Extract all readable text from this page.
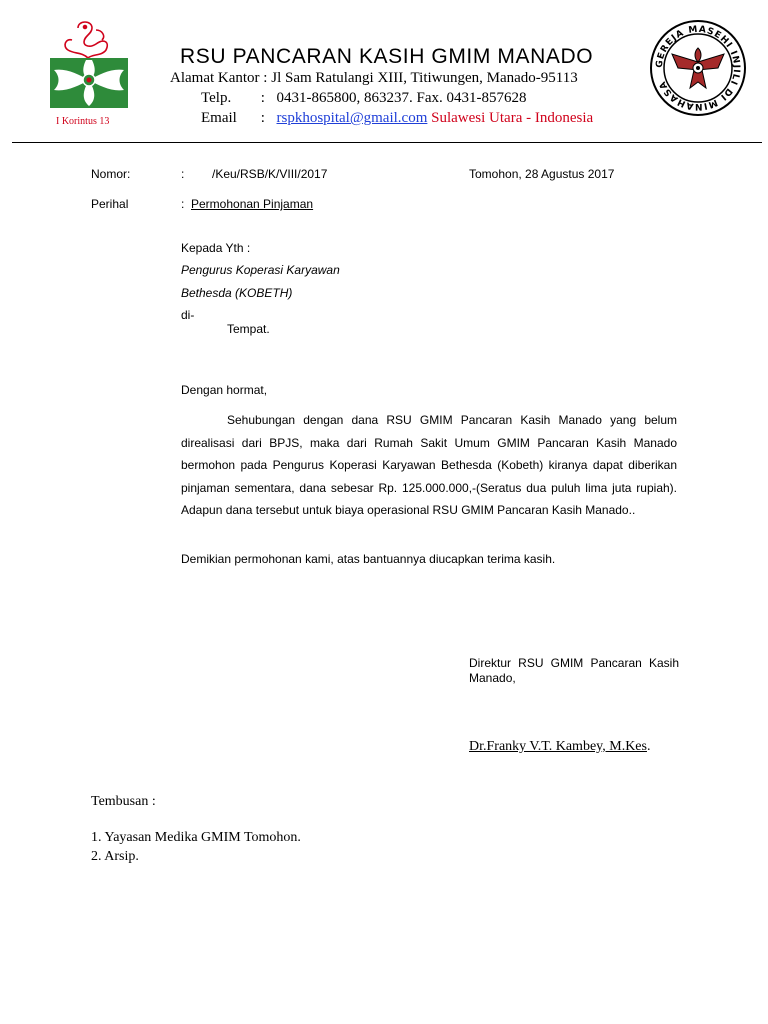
I Korintus 13
RSU PANCARAN KASIH GMIM MANADO
Alamat Kantor : Jl Sam Ratulangi XIII, Titiwungen, Manado-95113
Telp. : 0431-865800, 863237. Fax. 0431-857628
Email : rspkhospital@gmail.com Sulawesi Utara - Indonesia
GEREJA MASEHI INJILI DI MINAHASA
Nomor:	: /Keu/RSB/K/VIII/2017	Tomohon, 28 Agustus 2017
Perihal	: Permohonan Pinjaman
Kepada Yth :
Pengurus Koperasi Karyawan
Bethesda (KOBETH)
di-
Tempat.
Dengan hormat,
Sehubungan dengan dana RSU GMIM Pancaran Kasih Manado yang belum direalisasi dari BPJS, maka dari Rumah Sakit Umum GMIM Pancaran Kasih Manado bermohon pada Pengurus Koperasi Karyawan Bethesda (Kobeth) kiranya dapat diberikan pinjaman sementara, dana sebesar Rp. 125.000.000,-(Seratus dua puluh lima juta rupiah). Adapun dana tersebut untuk biaya operasional RSU GMIM Pancaran Kasih Manado..
Demikian permohonan kami, atas bantuannya diucapkan terima kasih.
Direktur RSU GMIM Pancaran Kasih Manado,
Dr.Franky V.T. Kambey, M.Kes.
Tembusan :
1. Yayasan Medika GMIM Tomohon.
2. Arsip.
